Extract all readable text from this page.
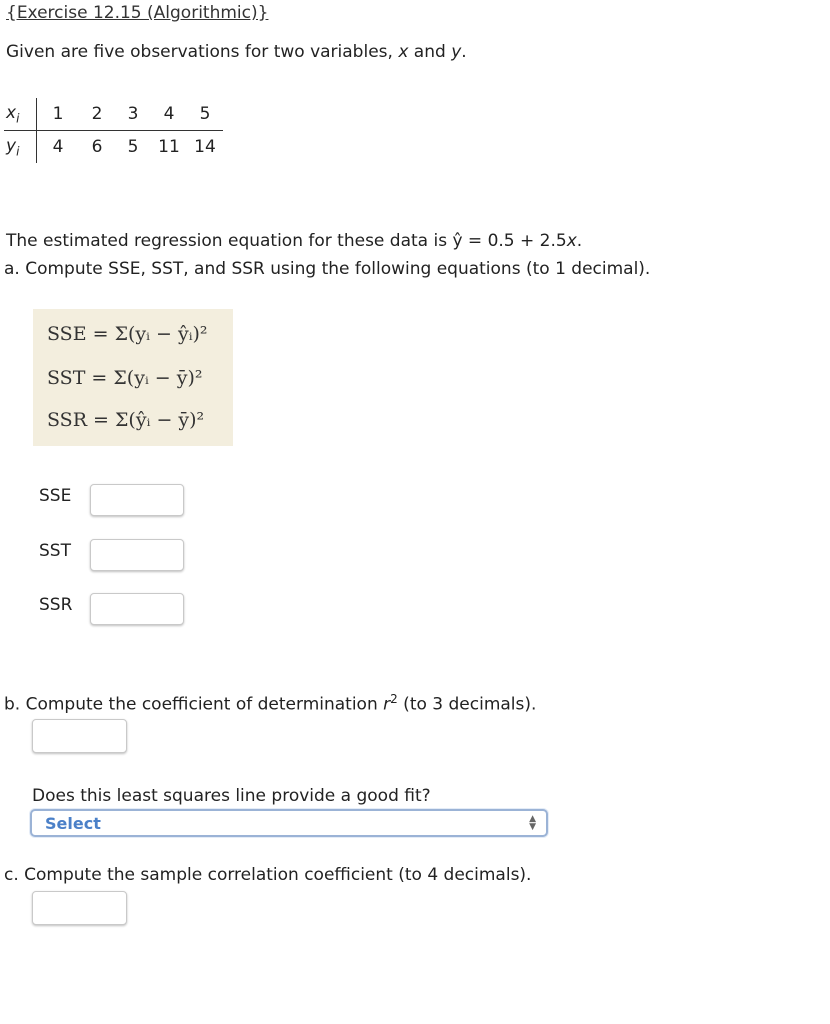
{Exercise 12.15 (Algorithmic)}
Given are five observations for two variables, x and y.
$x_i$	1	2	3	4	5
$y_i$	4	6	5	11	14
The estimated regression equation for these data is ŷ = 0.5 + 2.5x.
a. Compute SSE, SST, and SSR using the following equations (to 1 decimal).
SSE = Σ(yᵢ − ŷᵢ)²
SST = Σ(yᵢ − ȳ)²
SSR = Σ(ŷᵢ − ȳ)²
SSE
SST
SSR
b. Compute the coefficient of determination $r^2$ (to 3 decimals).
Does this least squares line provide a good fit?
Select	▲
▼
c. Compute the sample correlation coefficient (to 4 decimals).
